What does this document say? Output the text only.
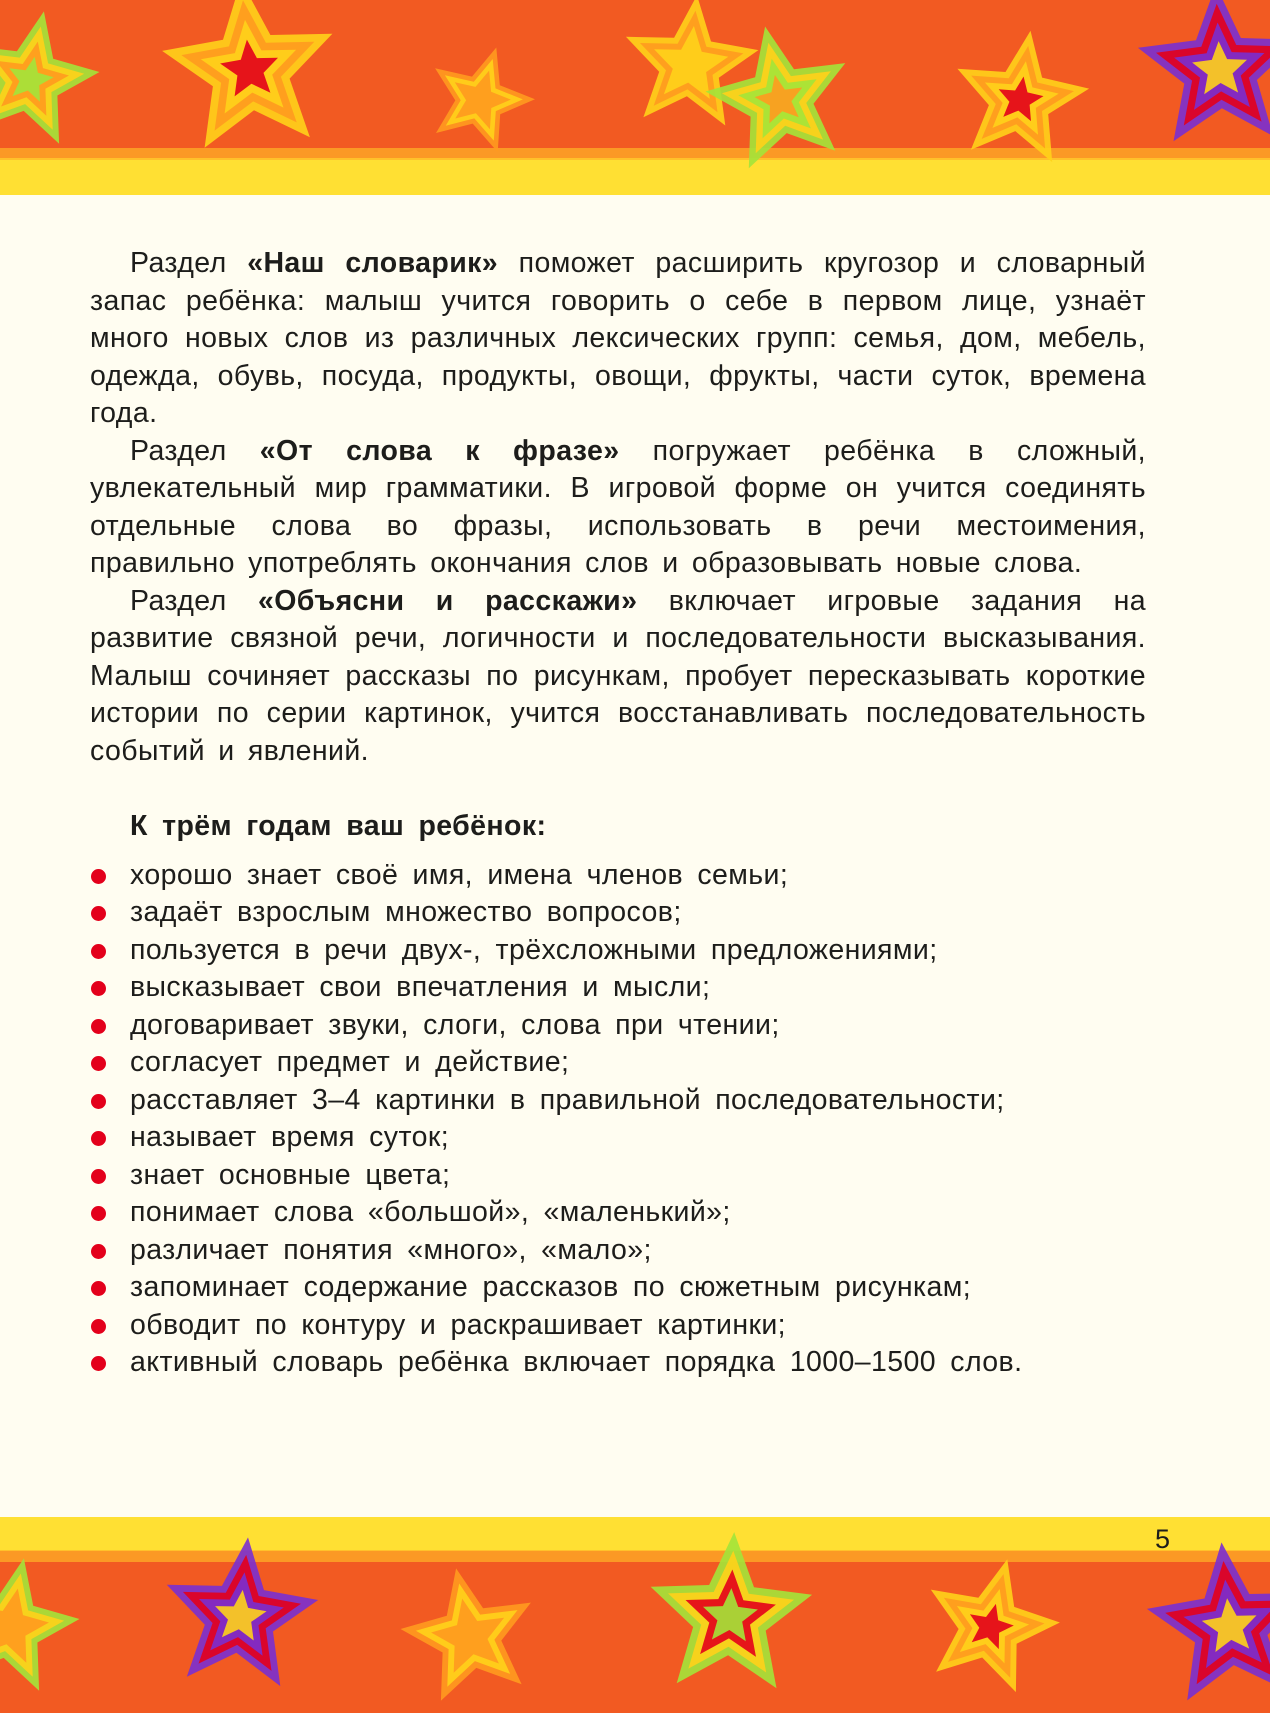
Раздел «Наш словарик» поможет расширить кругозор и словарный запас ребёнка: малыш учится говорить о себе в первом лице, узнаёт много новых слов из различных лексических групп: семья, дом, мебель, одежда, обувь, посуда, продукты, овощи, фрукты, части суток, времена года.

Раздел «От слова к фразе» погружает ребёнка в сложный, увлекательный мир грамматики. В игровой форме он учится соединять отдельные слова во фразы, использовать в речи местоимения, правильно употреблять окончания слов и образовывать новые слова.

Раздел «Объясни и расскажи» включает игровые задания на развитие связной речи, логичности и последовательности высказывания. Малыш сочиняет рассказы по рисункам, пробует пересказывать короткие истории по серии картинок, учится восстанавливать последовательность событий и явлений.

К трём годам ваш ребёнок:
хорошо знает своё имя, имена членов семьи;
задаёт взрослым множество вопросов;
пользуется в речи двух-, трёхсложными предложениями;
высказывает свои впечатления и мысли;
договаривает звуки, слоги, слова при чтении;
согласует предмет и действие;
расставляет 3–4 картинки в правильной последовательности;
называет время суток;
знает основные цвета;
понимает слова «большой», «маленький»;
различает понятия «много», «мало»;
запоминает содержание рассказов по сюжетным рисункам;
обводит по контуру и раскрашивает картинки;
активный словарь ребёнка включает порядка 1000–1500 слов.
5
